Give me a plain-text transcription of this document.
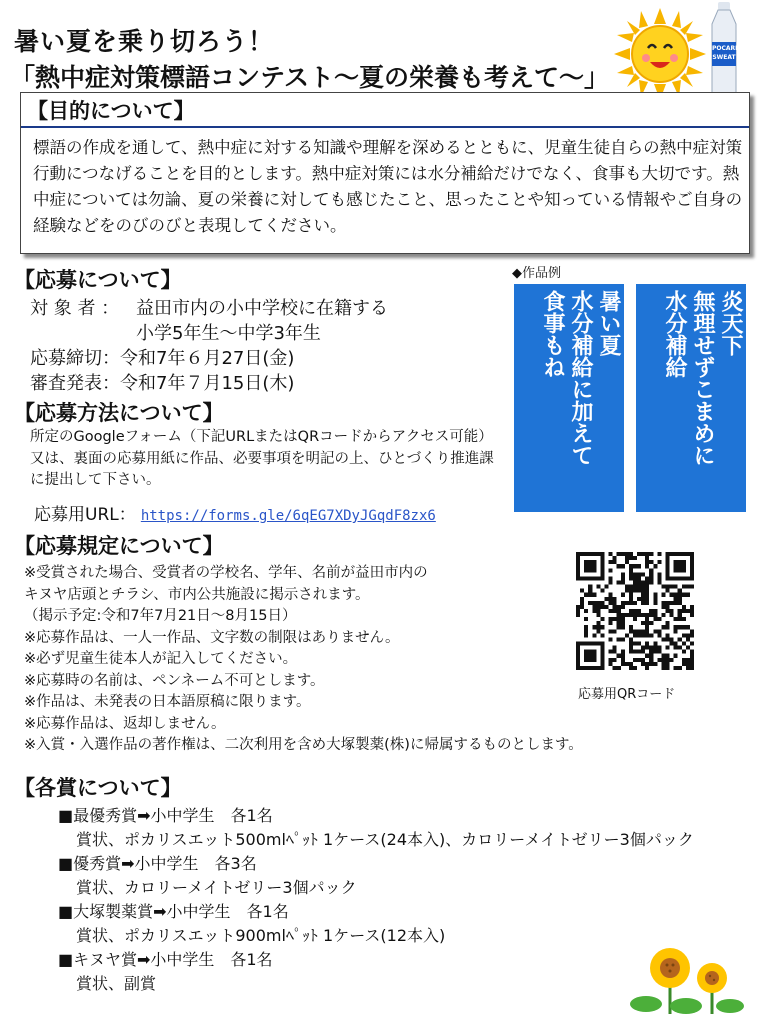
暑い夏を乗り切ろう！
「熱中症対策標語コンテスト〜夏の栄養も考えて〜」
POCARI
SWEAT
【目的について】
標語の作成を通して、熱中症に対する知識や理解を深めるとともに、児童生徒自らの熱中症対策行動につなげることを目的とします。熱中症対策には水分補給だけでなく、食事も大切です。熱中症については勿論、夏の栄養に対しても感じたこと、思ったことや知っている情報やご自身の経験などをのびのびと表現してください。
【応募について】
対 象 者 ： 益田市内の小中学校に在籍する
小学5年生〜中学3年生
応募締切：令和7年６月27日(金)
審査発表：令和7年７月15日(木)
【応募方法について】
所定のGoogleフォーム（下記URLまたはQRコードからアクセス可能）又は、裏面の応募用紙に作品、必要事項を明記の上、ひとづくり推進課に提出して下さい。
応募用URL： https://forms.gle/6qEG7XDyJGqdF8zx6
◆作品例
暑い夏
水分補給に加えて
食事もね	炎天下
無理せずこまめに
水分補給
【応募規定について】
※受賞された場合、受賞者の学校名、学年、名前が益田市内の
キヌヤ店頭とチラシ、市内公共施設に掲示されます。
（掲示予定:令和7年7月21日〜8月15日）
※応募作品は、一人一作品、文字数の制限はありません。
※必ず児童生徒本人が記入してください。
※応募時の名前は、ペンネーム不可とします。
※作品は、未発表の日本語原稿に限ります。
※応募作品は、返却しません。
※入賞・入選作品の著作権は、二次利用を含め大塚製薬(株)に帰属するものとします。
応募用QRコード
【各賞について】
■最優秀賞➡小中学生　各1名
賞状、ポカリスエット500mlﾍﾟｯﾄ 1ケース(24本入)、カロリーメイトゼリー3個パック
■優秀賞➡小中学生　各3名
賞状、カロリーメイトゼリー3個パック
■大塚製薬賞➡小中学生　各1名
賞状、ポカリスエット900mlﾍﾟｯﾄ 1ケース(12本入)
■キヌヤ賞➡小中学生　各1名
賞状、副賞
